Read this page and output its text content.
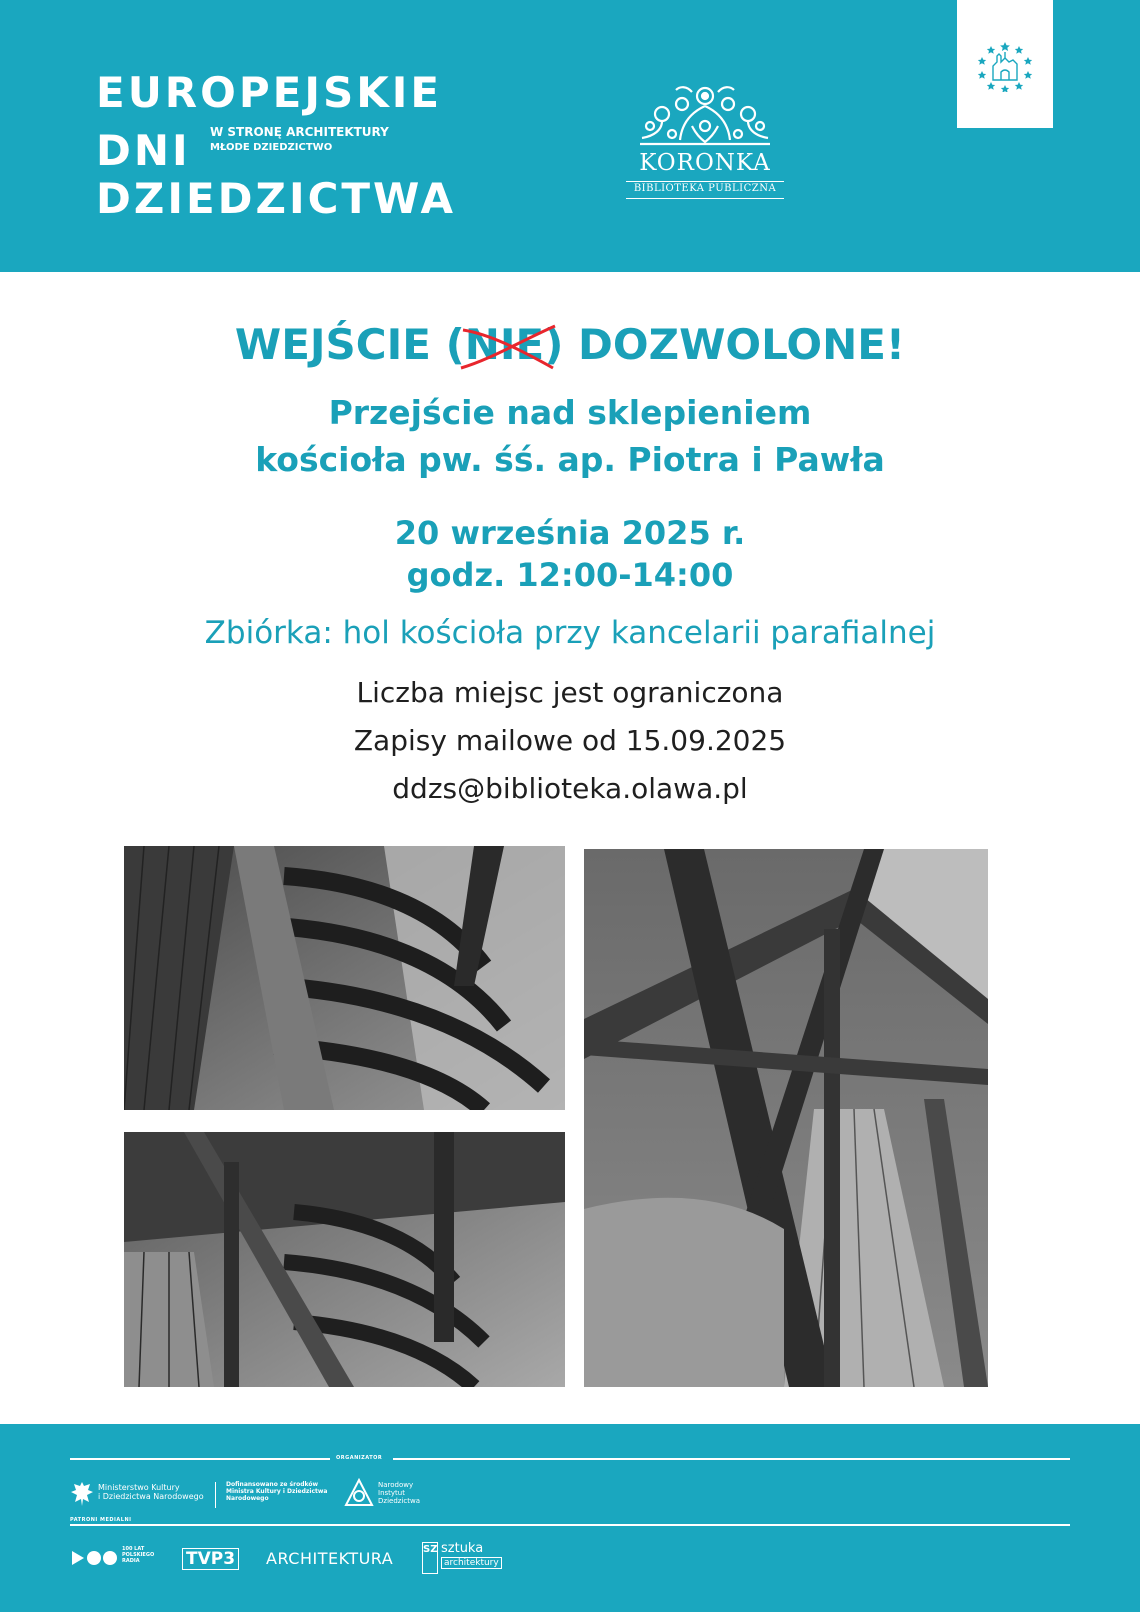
EUROPEJSKIE
DNI
DZIEDZICTWA
W STRONĘ ARCHITEKTURY
MŁODE DZIEDZICTWO
KORONKA
BIBLIOTEKA PUBLICZNA
WEJŚCIE (NIE
) DOZWOLONE!
Przejście nad sklepieniem
kościoła pw. śś. ap. Piotra i Pawła
20 września 2025 r.
godz. 12:00-14:00
Zbiórka: hol kościoła przy kancelarii parafialnej
Liczba miejsc jest ograniczona
Zapisy mailowe od 15.09.2025
ddzs@biblioteka.olawa.pl
ORGANIZATOR
Ministerstwo Kultury
i Dziedzictwa Narodowego
Dofinansowano ze środków
Ministra Kultury i Dziedzictwa
Narodowego
Narodowy
Instytut
Dziedzictwa
PATRONI MEDIALNI
100 LAT
POLSKIEGO
RADIA	TVP3 ARCHITEKTURA	SZ sztuka
architektury
